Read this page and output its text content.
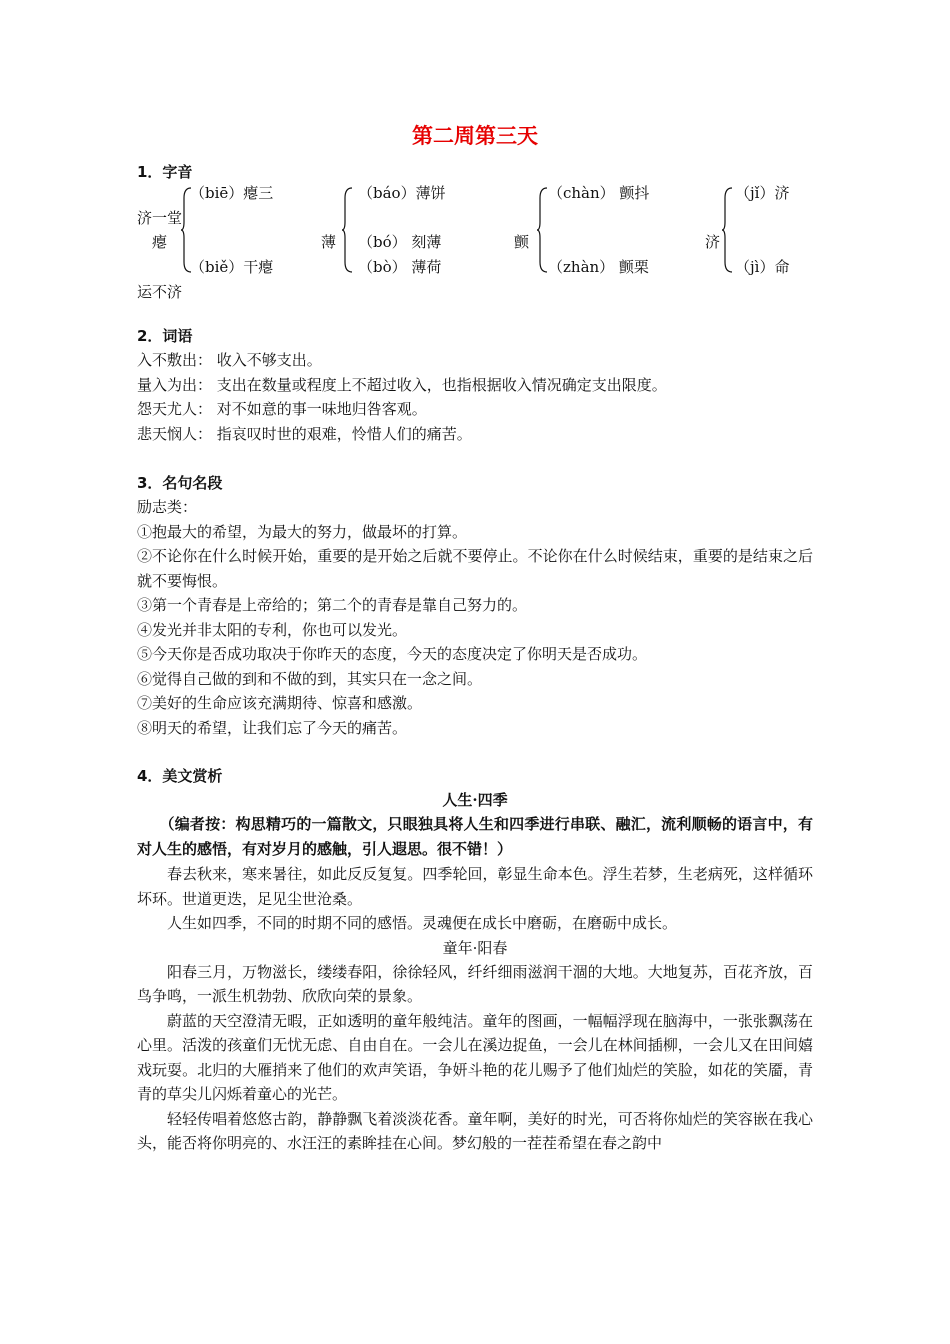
第二周第三天
1．字音
（biē）瘪三
济一堂
瘪
（biě）干瘪
（báo）薄饼
薄 （bó） 刻薄
（bò） 薄荷
（chàn） 颤抖
颤
（zhàn） 颤栗
（jǐ）济
济
（jì）命
运不济
2．词语
入不敷出： 收入不够支出。
量入为出： 支出在数量或程度上不超过收入，也指根据收入情况确定支出限度。
怨天尤人： 对不如意的事一味地归咎客观。
悲天悯人： 指哀叹时世的艰难，怜惜人们的痛苦。
3．名句名段
励志类：
①抱最大的希望，为最大的努力，做最坏的打算。
②不论你在什么时候开始，重要的是开始之后就不要停止。不论你在什么时候结束，重要的是结束之后就不要悔恨。
③第一个青春是上帝给的；第二个的青春是靠自己努力的。
④发光并非太阳的专利，你也可以发光。
⑤今天你是否成功取决于你昨天的态度，今天的态度决定了你明天是否成功。
⑥觉得自己做的到和不做的到，其实只在一念之间。
⑦美好的生命应该充满期待、惊喜和感激。
⑧明天的希望，让我们忘了今天的痛苦。
4．美文赏析
人生·四季
（编者按：构思精巧的一篇散文，只眼独具将人生和四季进行串联、融汇，流利顺畅的语言中，有对人生的感悟，有对岁月的感触，引人遐思。很不错！）
春去秋来，寒来暑往，如此反反复复。四季轮回，彰显生命本色。浮生若梦，生老病死，这样循环坏环。世道更迭，足见尘世沧桑。
人生如四季，不同的时期不同的感悟。灵魂便在成长中磨砺，在磨砺中成长。
童年·阳春
阳春三月，万物滋长，缕缕春阳，徐徐轻风，纤纤细雨滋润干涸的大地。大地复苏，百花齐放，百鸟争鸣，一派生机勃勃、欣欣向荣的景象。
蔚蓝的天空澄清无暇，正如透明的童年般纯洁。童年的图画，一幅幅浮现在脑海中，一张张飘荡在心里。活泼的孩童们无忧无虑、自由自在。一会儿在溪边捉鱼，一会儿在林间插柳，一会儿又在田间嬉戏玩耍。北归的大雁捎来了他们的欢声笑语，争妍斗艳的花儿赐予了他们灿烂的笑脸，如花的笑靥，青青的草尖儿闪烁着童心的光芒。
轻轻传唱着悠悠古韵，静静飘飞着淡淡花香。童年啊，美好的时光，可否将你灿烂的笑容嵌在我心头，能否将你明亮的、水汪汪的素眸挂在心间。梦幻般的一茬茬希望在春之韵中
